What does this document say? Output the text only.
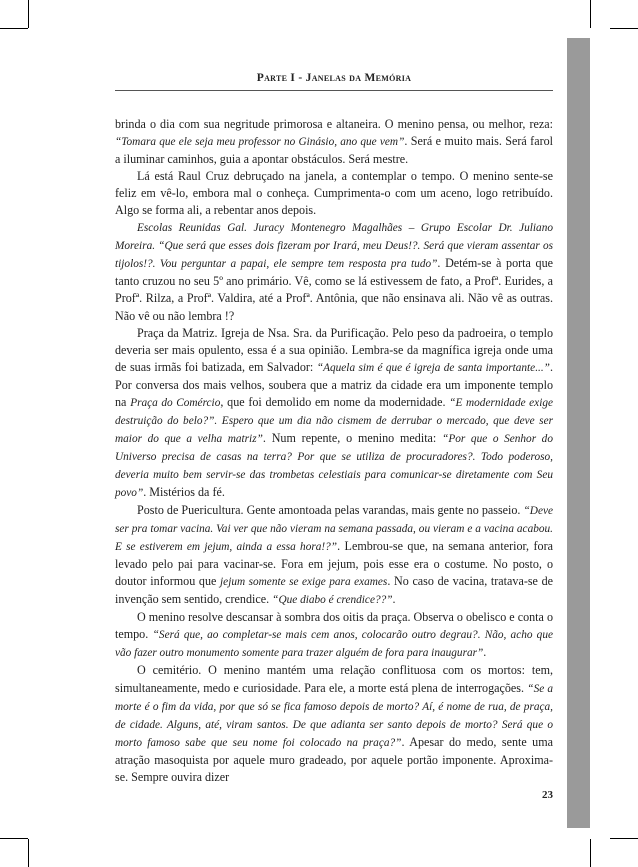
Parte I - Janelas da Memória

brinda o dia com sua negritude primorosa e altaneira. O menino pensa, ou melhor, reza: “Tomara que ele seja meu professor no Ginásio, ano que vem”. Será e muito mais. Será farol a iluminar caminhos, guia a apontar obstáculos. Será mestre.

Lá está Raul Cruz debruçado na janela, a contemplar o tempo. O menino sente-se feliz em vê-lo, embora mal o conheça. Cumprimenta-o com um aceno, logo retribuído. Algo se forma ali, a rebentar anos depois.

Escolas Reunidas Gal. Juracy Montenegro Magalhães – Grupo Escolar Dr. Juliano Moreira. “Que será que esses dois fizeram por Irará, meu Deus!?. Será que vieram assentar os tijolos!?. Vou perguntar a papai, ele sempre tem resposta pra tudo”. Detém-se à porta que tanto cruzou no seu 5º ano primário. Vê, como se lá estivessem de fato, a Profª. Eurides, a Profª. Rilza, a Profª. Valdira, até a Profª. Antônia, que não ensinava ali. Não vê as outras. Não vê ou não lembra !?

Praça da Matriz. Igreja de Nsa. Sra. da Purificação. Pelo peso da padroeira, o templo deveria ser mais opulento, essa é a sua opinião. Lembra-se da magnífica igreja onde uma de suas irmãs foi batizada, em Salvador: “Aquela sim é que é igreja de santa importante...”. Por conversa dos mais velhos, soubera que a matriz da cidade era um imponente templo na Praça do Comércio, que foi demolido em nome da modernidade. “E modernidade exige destruição do belo?”. Espero que um dia não cismem de derrubar o mercado, que deve ser maior do que a velha matriz”. Num repente, o menino medita: “Por que o Senhor do Universo precisa de casas na terra? Por que se utiliza de procuradores?. Todo poderoso, deveria muito bem servir-se das trombetas celestiais para comunicar-se diretamente com Seu povo”. Mistérios da fé.

Posto de Puericultura. Gente amontoada pelas varandas, mais gente no passeio. “Deve ser pra tomar vacina. Vai ver que não vieram na semana passada, ou vieram e a vacina acabou. E se estiverem em jejum, ainda a essa hora!?”. Lembrou-se que, na semana anterior, fora levado pelo pai para vacinar-se. Fora em jejum, pois esse era o costume. No posto, o doutor informou que jejum somente se exige para exames. No caso de vacina, tratava-se de invenção sem sentido, crendice. “Que diabo é crendice??”.

O menino resolve descansar à sombra dos oitis da praça. Observa o obelisco e conta o tempo. “Será que, ao completar-se mais cem anos, colocarão outro degrau?. Não, acho que vão fazer outro monumento somente para trazer alguém de fora para inaugurar”.

O cemitério. O menino mantém uma relação conflituosa com os mortos: tem, simultaneamente, medo e curiosidade. Para ele, a morte está plena de interrogações. “Se a morte é o fim da vida, por que só se fica famoso depois de morto? Aí, é nome de rua, de praça, de cidade. Alguns, até, viram santos. De que adianta ser santo depois de morto? Será que o morto famoso sabe que seu nome foi colocado na praça?”. Apesar do medo, sente uma atração masoquista por aquele muro gradeado, por aquele portão imponente. Aproxima-se. Sempre ouvira dizer

23
